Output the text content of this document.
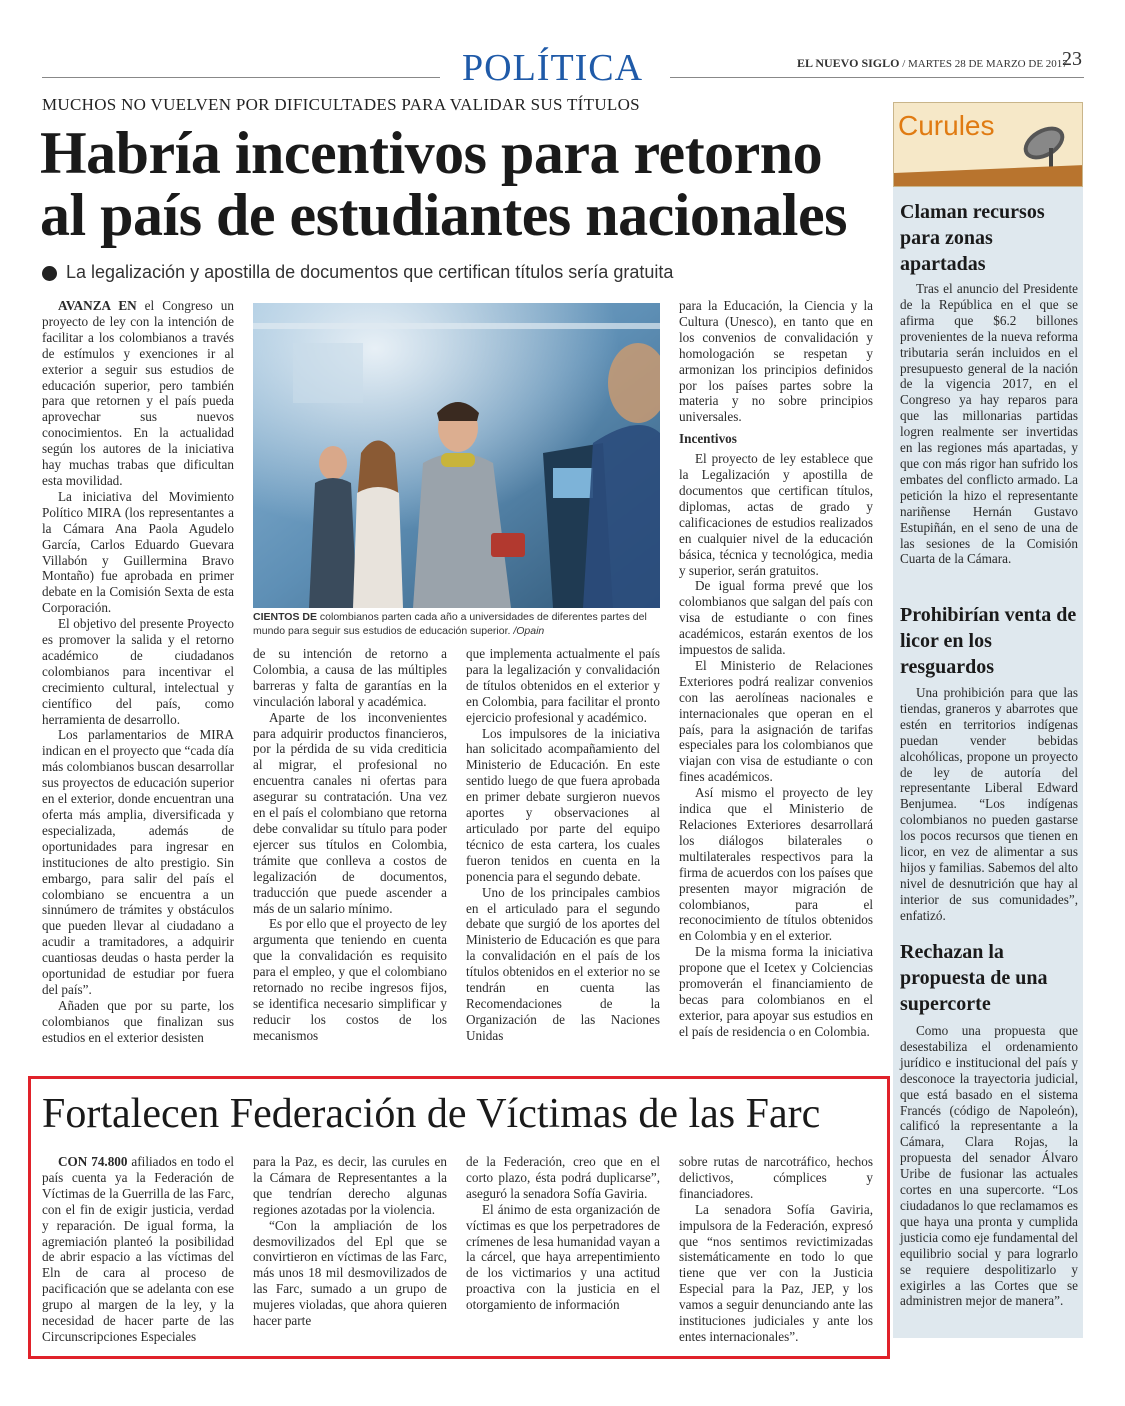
POLÍTICA	EL NUEVO SIGLO / MARTES 28 DE MARZO DE 2017
23
MUCHOS NO VUELVEN POR DIFICULTADES PARA VALIDAR SUS TÍTULOS
Habría incentivos para retorno al país de estudiantes nacionales
La legalización y apostilla de documentos que certifican títulos sería gratuita

AVANZA EN el Congreso un proyecto de ley con la intención de facilitar a los colombianos a través de estímulos y exenciones ir al exterior a seguir sus estudios de educación superior, pero también para que retornen y el país pueda aprovechar sus nuevos conocimientos. En la actualidad según los autores de la iniciativa hay muchas trabas que dificultan esta movilidad.

La iniciativa del Movimiento Político MIRA (los representantes a la Cámara Ana Paola Agudelo García, Carlos Eduardo Guevara Villabón y Guillermina Bravo Montaño) fue aprobada en primer debate en la Comisión Sexta de esta Corporación.

El objetivo del presente Proyecto es promover la salida y el retorno académico de ciudadanos colombianos para incentivar el crecimiento cultural, intelectual y científico del país, como herramienta de desarrollo.

Los parlamentarios de MIRA indican en el proyecto que “cada día más colombianos buscan desarrollar sus proyectos de educación superior en el exterior, donde encuentran una oferta más amplia, diversificada y especializada, además de oportunidades para ingresar en instituciones de alto prestigio. Sin embargo, para salir del país el colombiano se encuentra a un sinnúmero de trámites y obstáculos que pueden llevar al ciudadano a acudir a tramitadores, a adquirir cuantiosas deudas o hasta perder la oportunidad de estudiar por fuera del país”.

Añaden que por su parte, los colombianos que finalizan sus estudios en el exterior desisten

CIENTOS DE colombianos parten cada año a universidades de diferentes partes del mundo para seguir sus estudios de educación superior. /Opain

de su intención de retorno a Colombia, a causa de las múltiples barreras y falta de garantías en la vinculación laboral y académica.

Aparte de los inconvenientes para adquirir productos financieros, por la pérdida de su vida crediticia al migrar, el profesional no encuentra canales ni ofertas para asegurar su contratación. Una vez en el país el colombiano que retorna debe convalidar su título para poder ejercer sus títulos en Colombia, trámite que conlleva a costos de legalización de documentos, traducción que puede ascender a más de un salario mínimo.

Es por ello que el proyecto de ley argumenta que teniendo en cuenta que la convalidación es requisito para el empleo, y que el colombiano retornado no recibe ingresos fijos, se identifica necesario simplificar y reducir los costos de los mecanismos

que implementa actualmente el país para la legalización y convalidación de títulos obtenidos en el exterior y en Colombia, para facilitar el pronto ejercicio profesional y académico.

Los impulsores de la iniciativa han solicitado acompañamiento del Ministerio de Educación. En este sentido luego de que fuera aprobada en primer debate surgieron nuevos aportes y observaciones al articulado por parte del equipo técnico de esta cartera, los cuales fueron tenidos en cuenta en la ponencia para el segundo debate.

Uno de los principales cambios en el articulado para el segundo debate que surgió de los aportes del Ministerio de Educación es que para la convalidación en el país de los títulos obtenidos en el exterior no se tendrán en cuenta las Recomendaciones de la Organización de las Naciones Unidas

para la Educación, la Ciencia y la Cultura (Unesco), en tanto que en los convenios de convalidación y homologación se respetan y armonizan los principios definidos por los países partes sobre la materia y no sobre principios universales.

Incentivos

El proyecto de ley establece que la Legalización y apostilla de documentos que certifican títulos, diplomas, actas de grado y calificaciones de estudios realizados en cualquier nivel de la educación básica, técnica y tecnológica, media y superior, serán gratuitos.

De igual forma prevé que los colombianos que salgan del país con visa de estudiante o con fines académicos, estarán exentos de los impuestos de salida.

El Ministerio de Relaciones Exteriores podrá realizar convenios con las aerolíneas nacionales e internacionales que operan en el país, para la asignación de tarifas especiales para los colombianos que viajan con visa de estudiante o con fines académicos.

Así mismo el proyecto de ley indica que el Ministerio de Relaciones Exteriores desarrollará los diálogos bilaterales o multilaterales respectivos para la firma de acuerdos con los países que presenten mayor migración de colombianos, para el reconocimiento de títulos obtenidos en Colombia y en el exterior.

De la misma forma la iniciativa propone que el Icetex y Colciencias promoverán el financiamiento de becas para colombianos en el exterior, para apoyar sus estudios en el país de residencia o en Colombia.

Curules
Claman recursos para zonas apartadas

Tras el anuncio del Presidente de la República en el que se afirma que $6.2 billones provenientes de la nueva reforma tributaria serán incluidos en el presupuesto general de la nación de la vigencia 2017, en el Congreso ya hay reparos para que las millonarias partidas logren realmente ser invertidas en las regiones más apartadas, y que con más rigor han sufrido los embates del conflicto armado. La petición la hizo el representante nariñense Hernán Gustavo Estupiñán, en el seno de una de las sesiones de la Comisión Cuarta de la Cámara.

Prohibirían venta de licor en los resguardos

Una prohibición para que las tiendas, graneros y abarrotes que estén en territorios indígenas puedan vender bebidas alcohólicas, propone un proyecto de ley de autoría del representante Liberal Edward Benjumea. “Los indígenas colombianos no pueden gastarse los pocos recursos que tienen en licor, en vez de alimentar a sus hijos y familias. Sabemos del alto nivel de desnutrición que hay al interior de sus comunidades”, enfatizó.

Rechazan la propuesta de una supercorte

Como una propuesta que desestabiliza el ordenamiento jurídico e institucional del país y desconoce la trayectoria judicial, que está basado en el sistema Francés (código de Napoleón), calificó la representante a la Cámara, Clara Rojas, la propuesta del senador Álvaro Uribe de fusionar las actuales cortes en una supercorte. “Los ciudadanos lo que reclamamos es que haya una pronta y cumplida justicia como eje fundamental del equilibrio social y para lograrlo se requiere despolitizarlo y exigirles a las Cortes que se administren mejor de manera”.

Fortalecen Federación de Víctimas de las Farc

CON 74.800 afiliados en todo el país cuenta ya la Federación de Víctimas de la Guerrilla de las Farc, con el fin de exigir justicia, verdad y reparación. De igual forma, la agremiación planteó la posibilidad de abrir espacio a las víctimas del Eln de cara al proceso de pacificación que se adelanta con ese grupo al margen de la ley, y la necesidad de hacer parte de las Circunscripciones Especiales

para la Paz, es decir, las curules en la Cámara de Representantes a la que tendrían derecho algunas regiones azotadas por la violencia.

“Con la ampliación de los desmovilizados del Epl que se convirtieron en víctimas de las Farc, más unos 18 mil desmovilizados de las Farc, sumado a un grupo de mujeres violadas, que ahora quieren hacer parte

de la Federación, creo que en el corto plazo, ésta podrá duplicarse”, aseguró la senadora Sofía Gaviria.

El ánimo de esta organización de víctimas es que los perpetradores de crímenes de lesa humanidad vayan a la cárcel, que haya arrepentimiento de los victimarios y una actitud proactiva con la justicia en el otorgamiento de información

sobre rutas de narcotráfico, hechos delictivos, cómplices y financiadores.

La senadora Sofía Gaviria, impulsora de la Federación, expresó que “nos sentimos revictimizadas sistemáticamente en todo lo que tiene que ver con la Justicia Especial para la Paz, JEP, y los vamos a seguir denunciando ante las instituciones judiciales y ante los entes internacionales”.
